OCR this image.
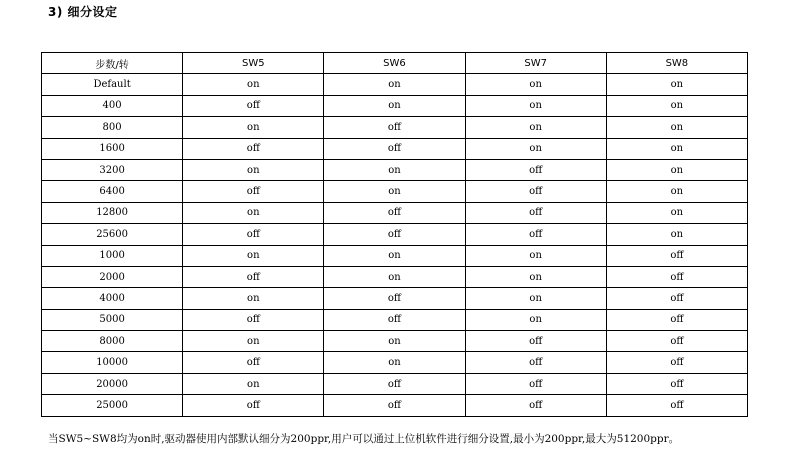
3) 细分设定
步数/转	SW5	SW6	SW7	SW8
Default	on	on	on	on
400	off	on	on	on
800	on	off	on	on
1600	off	off	on	on
3200	on	on	off	on
6400	off	on	off	on
12800	on	off	off	on
25600	off	off	off	on
1000	on	on	on	off
2000	off	on	on	off
4000	on	off	on	off
5000	off	off	on	off
8000	on	on	off	off
10000	off	on	off	off
20000	on	off	off	off
25000	off	off	off	off
当SW5~SW8均为on时,驱动器使用内部默认细分为200ppr,用户可以通过上位机软件进行细分设置,最小为200ppr,最大为51200ppr。
